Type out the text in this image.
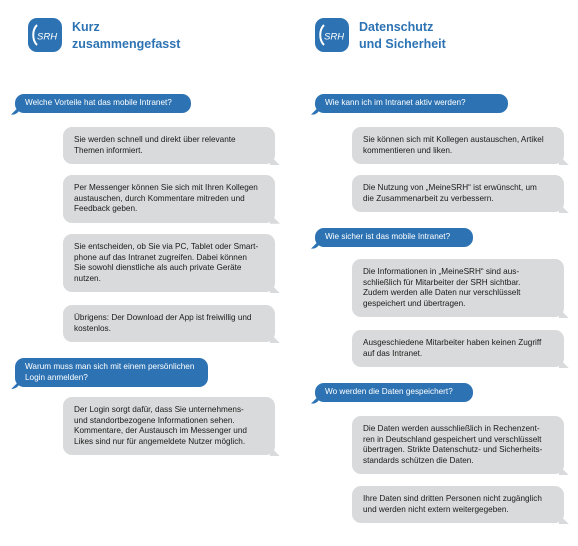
SRH
Kurz
zusammengefasst
Welche Vorteile hat das mobile Intranet?
Sie werden schnell und direkt über relevante
Themen informiert.
Per Messenger können Sie sich mit Ihren Kollegen
austauschen, durch Kommentare mitreden und
Feedback geben.
Sie entscheiden, ob Sie via PC, Tablet oder Smart-
phone auf das Intranet zugreifen. Dabei können
Sie sowohl dienstliche als auch private Geräte
nutzen.
Übrigens: Der Download der App ist freiwillig und
kostenlos.
Warum muss man sich mit einem persönlichen
Login anmelden?
Der Login sorgt dafür, dass Sie unternehmens-
und standortbezogene Informationen sehen.
Kommentare, der Austausch im Messenger und
Likes sind nur für angemeldete Nutzer möglich.
SRH
Datenschutz
und Sicherheit
Wie kann ich im Intranet aktiv werden?
Sie können sich mit Kollegen austauschen, Artikel
kommentieren und liken.
Die Nutzung von „MeineSRH“ ist erwünscht, um
die Zusammenarbeit zu verbessern.
Wie sicher ist das mobile Intranet?
Die Informationen in „MeineSRH“ sind aus-
schließlich für Mitarbeiter der SRH sichtbar.
Zudem werden alle Daten nur verschlüsselt
gespeichert und übertragen.
Ausgeschiedene Mitarbeiter haben keinen Zugriff
auf das Intranet.
Wo werden die Daten gespeichert?
Die Daten werden ausschließlich in Rechenzent-
ren in Deutschland gespeichert und verschlüsselt
übertragen. Strikte Datenschutz- und Sicherheits-
standards schützen die Daten.
Ihre Daten sind dritten Personen nicht zugänglich
und werden nicht extern weitergegeben.
